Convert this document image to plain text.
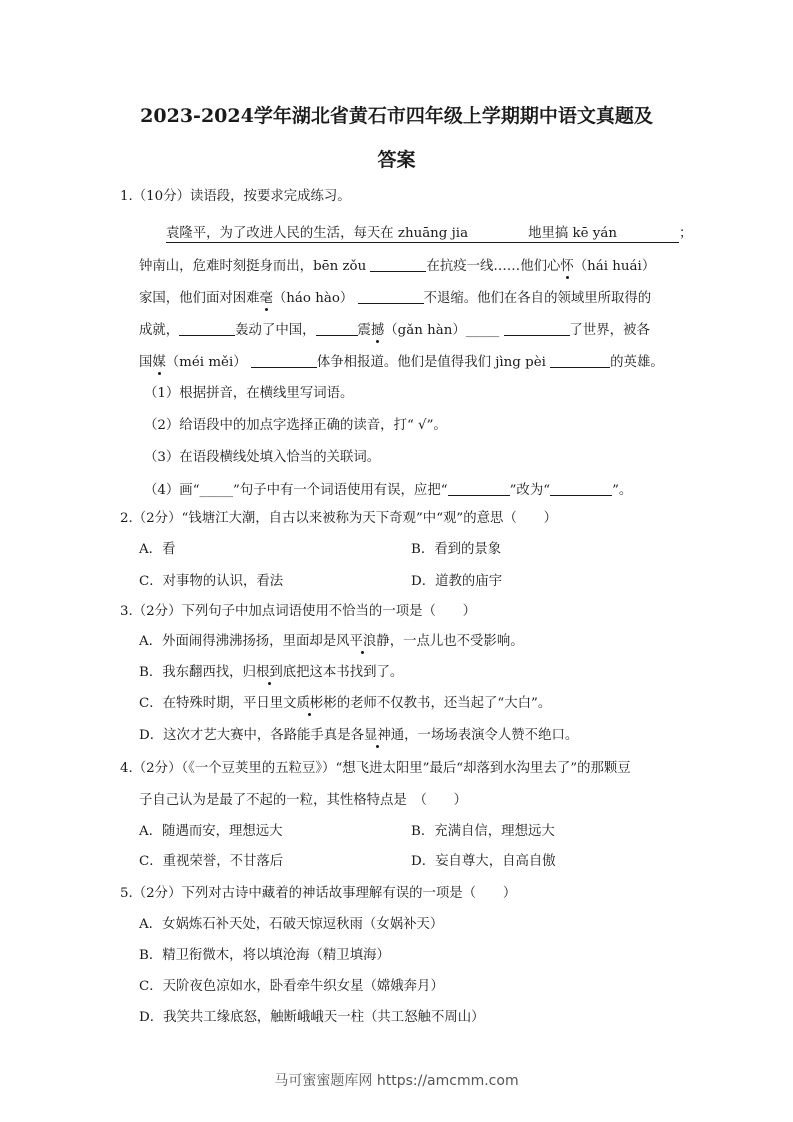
2023-2024学年湖北省黄石市四年级上学期期中语文真题及
答案
1.（10分）读语段，按要求完成练习。
袁隆平，为了改进人民的生活，每天在 zhuāng jia	地里搞 kē yán	；
钟南山，危难时刻挺身而出，bēn zǒu	在抗疫一线……他们心怀（hái huái）
家国，他们面对困难毫（háo hào）	不退缩。他们在各自的领域里所取得的
成就，	轰动了中国，	震撼（gǎn hàn）_____	了世界，被各
国媒（méi měi）	体争相报道。他们是值得我们 jìng pèi	的英雄。
（1）根据拼音，在横线里写词语。
（2）给语段中的加点字选择正确的读音，打“ √”。
（3）在语段横线处填入恰当的关联词。
（4）画“_____”句子中有一个词语使用有误，应把“	”改为“	”。
2.（2分）“钱塘江大潮，自古以来被称为天下奇观”中“观”的意思（　　）
A．看	B．看到的景象
C．对事物的认识，看法	D．道教的庙宇
3.（2分）下列句子中加点词语使用不恰当的一项是（　　）
A．外面闹得沸沸扬扬，里面却是风平浪静，一点儿也不受影响。
B．我东翻西找，归根到底把这本书找到了。
C．在特殊时期，平日里文质彬彬的老师不仅教书，还当起了“大白”。
D．这次才艺大赛中，各路能手真是各显神通，一场场表演令人赞不绝口。
4.（2分）（《一个豆荚里的五粒豆》）“想飞进太阳里”最后“却落到水沟里去了”的那颗豆
子自己认为是最了不起的一粒，其性格特点是　（　　）
A．随遇而安，理想远大	B．充满自信，理想远大
C．重视荣誉，不甘落后	D．妄自尊大，自高自傲
5.（2分）下列对古诗中藏着的神话故事理解有误的一项是（　　）
A．女娲炼石补天处，石破天惊逗秋雨（女娲补天）
B．精卫衔微木，将以填沧海（精卫填海）
C．天阶夜色凉如水，卧看牵牛织女星（嫦娥奔月）
D．我笑共工缘底怒，触断峨峨天一柱（共工怒触不周山）
马可蜜蜜题库网 https://amcmm.com
